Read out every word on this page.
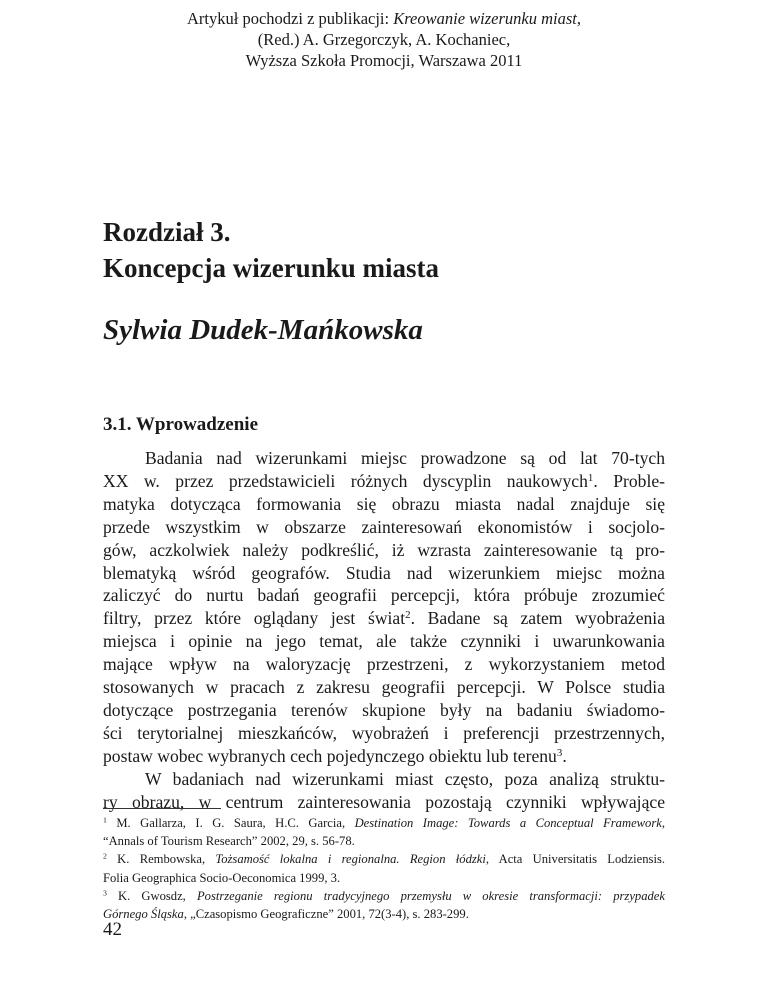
Artykuł pochodzi z publikacji: Kreowanie wizerunku miast,
(Red.) A. Grzegorczyk, A. Kochaniec,
Wyższa Szkoła Promocji, Warszawa 2011
Rozdział 3.
Koncepcja wizerunku miasta
Sylwia Dudek-Mańkowska
3.1. Wprowadzenie
Badania nad wizerunkami miejsc prowadzone są od lat 70-tych
XX w. przez przedstawicieli różnych dyscyplin naukowych$^1$. Proble-
matyka dotycząca formowania się obrazu miasta nadal znajduje się
przede wszystkim w obszarze zainteresowań ekonomistów i socjolo-
gów, aczkolwiek należy podkreślić, iż wzrasta zainteresowanie tą pro-
blematyką wśród geografów. Studia nad wizerunkiem miejsc można
zaliczyć do nurtu badań geografii percepcji, która próbuje zrozumieć
filtry, przez które oglądany jest świat$^2$. Badane są zatem wyobrażenia
miejsca i opinie na jego temat, ale także czynniki i uwarunkowania
mające wpływ na waloryzację przestrzeni, z wykorzystaniem metod
stosowanych w pracach z zakresu geografii percepcji. W Polsce studia
dotyczące postrzegania terenów skupione były na badaniu świadomo-
ści terytorialnej mieszkańców, wyobrażeń i preferencji przestrzennych,
postaw wobec wybranych cech pojedynczego obiektu lub terenu$^3$.
W badaniach nad wizerunkami miast często, poza analizą struktu-
ry obrazu, w centrum zainteresowania pozostają czynniki wpływające
$^1$ M. Gallarza, I. G. Saura, H.C. Garcia, Destination Image: Towards a Conceptual Framework,
“Annals of Tourism Research” 2002, 29, s. 56-78.
$^2$ K. Rembowska, Tożsamość lokalna i regionalna. Region łódzki, Acta Universitatis Lodziensis.
Folia Geographica Socio-Oeconomica 1999, 3.
$^3$ K. Gwosdz, Postrzeganie regionu tradycyjnego przemysłu w okresie transformacji: przypadek
Górnego Śląska, „Czasopismo Geograficzne” 2001, 72(3-4), s. 283-299.
42
